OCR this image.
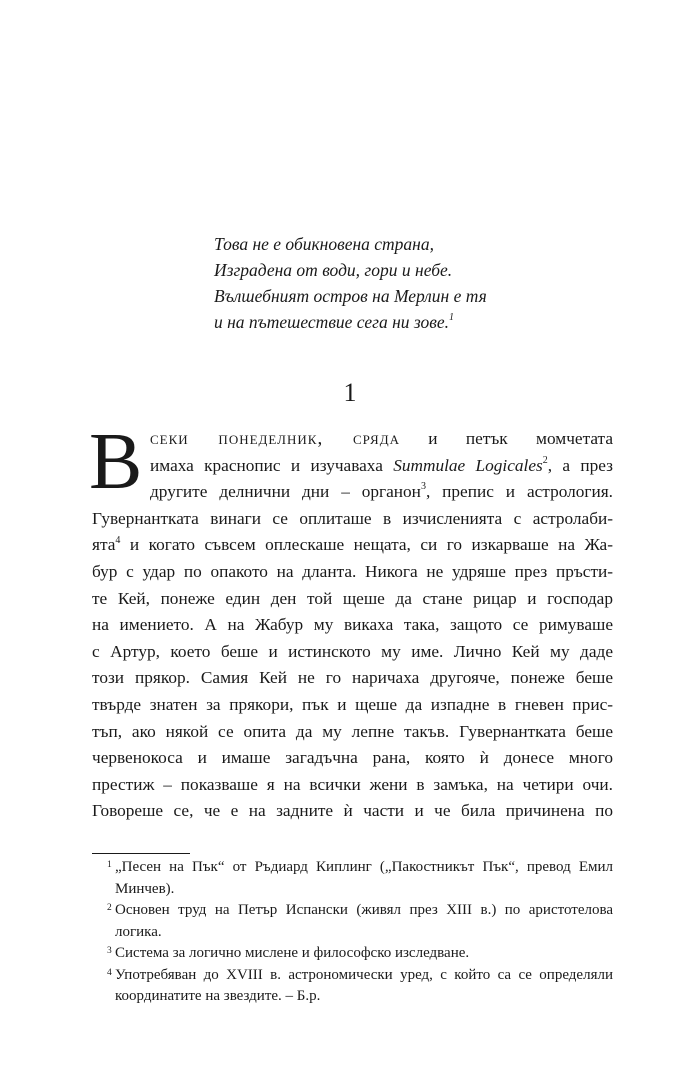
Това не е обикновена страна,
Изградена от води, гори и небе.
Вълшебният остров на Мерлин е тя
и на пътешествие сега ни зове.$^1$
1
В секи понеделник, сряда и петък момчетата
имаха краснопис и изучаваха Summulae Logicales$^2$, а през
другите делнични дни – органон$^3$, препис и астрология.
Гувернантката винаги се оплиташе в изчисленията с астролаби-
ята$^4$ и когато съвсем оплескаше нещата, си го изкарваше на Жа-
бур с удар по опакото на дланта. Никога не удряше през пръсти-
те Кей, понеже един ден той щеше да стане рицар и господар
на имението. А на Жабур му викаха така, защото се римуваше
с Артур, което беше и истинското му име. Лично Кей му даде
този прякор. Самия Кей не го наричаха другояче, понеже беше
твърде знатен за прякори, пък и щеше да изпадне в гневен прис-
тъп, ако някой се опита да му лепне такъв. Гувернантката беше
червенокоса и имаше загадъчна рана, която ѝ донесе много
престиж – показваше я на всички жени в замъка, на четири очи.
Говореше се, че е на задните ѝ части и че била причинена по
1 „Песен на Пък“ от Ръдиард Киплинг („Пакостникът Пък“, превод Емил
Минчев).
2 Основен труд на Петър Испански (живял през XIII в.) по аристотелова
логика.
3 Система за логично мислене и философско изследване.
4 Употребяван до XVIII в. астрономически уред, с който са се определяли
координатите на звездите. – Б.р.
